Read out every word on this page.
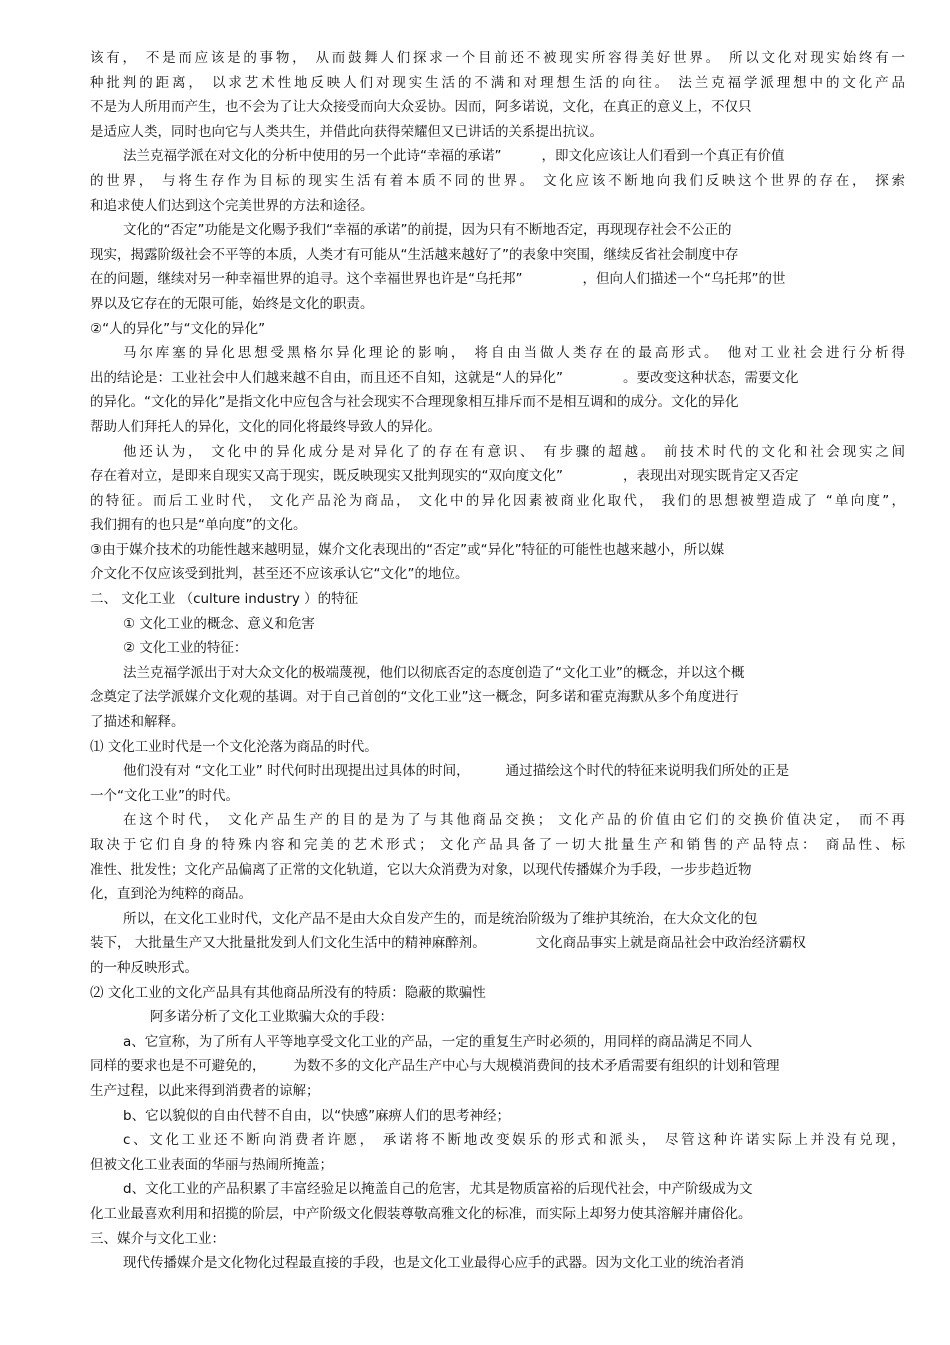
该有， 不是而应该是的事物， 从而鼓舞人们探求一个目前还不被现实所容得美好世界。 所以文化对现实始终有一
种批判的距离， 以求艺术性地反映人们对现实生活的不满和对理想生活的向往。 法兰克福学派理想中的文化产品
不是为人所用而产生，也不会为了让大众接受而向大众妥协。因而，阿多诺说，文化，在真正的意义上，不仅只
是适应人类，同时也向它与人类共生，并借此向获得荣耀但又已讲话的关系提出抗议。
法兰克福学派在对文化的分析中使用的另一个此诗“幸福的承诺”	，即文化应该让人们看到一个真正有价值
的世界， 与将生存作为目标的现实生活有着本质不同的世界。 文化应该不断地向我们反映这个世界的存在， 探索
和追求使人们达到这个完美世界的方法和途径。
文化的“否定”功能是文化赐予我们“幸福的承诺”的前提，因为只有不断地否定，再现现存社会不公正的
现实，揭露阶级社会不平等的本质，人类才有可能从“生活越来越好了”的表象中突围，继续反省社会制度中存
在的问题，继续对另一种幸福世界的追寻。这个幸福世界也许是“乌托邦”	，但向人们描述一个“乌托邦”的世
界以及它存在的无限可能，始终是文化的职责。
②“人的异化”与“文化的异化”
马尔库塞的异化思想受黑格尔异化理论的影响， 将自由当做人类存在的最高形式。 他对工业社会进行分析得
出的结论是：工业社会中人们越来越不自由，而且还不自知，这就是“人的异化”	。要改变这种状态，需要文化
的异化。“文化的异化”是指文化中应包含与社会现实不合理现象相互排斥而不是相互调和的成分。文化的异化
帮助人们拜托人的异化，文化的同化将最终导致人的异化。
他还认为， 文化中的异化成分是对异化了的存在有意识、 有步骤的超越。 前技术时代的文化和社会现实之间
存在着对立，是即来自现实又高于现实，既反映现实又批判现实的“双向度文化”	，表现出对现实既肯定又否定
的特征。而后工业时代， 文化产品沦为商品， 文化中的异化因素被商业化取代， 我们的思想被塑造成了 “单向度”，
我们拥有的也只是“单向度”的文化。
③由于媒介技术的功能性越来越明显，媒介文化表现出的“否定”或“异化”特征的可能性也越来越小，所以媒
介文化不仅应该受到批判，甚至还不应该承认它“文化”的地位。
二、 文化工业 （culture industry ）的特征
① 文化工业的概念、意义和危害
② 文化工业的特征：
法兰克福学派出于对大众文化的极端蔑视，他们以彻底否定的态度创造了“文化工业”的概念，并以这个概
念奠定了法学派媒介文化观的基调。对于自己首创的“文化工业”这一概念，阿多诺和霍克海默从多个角度进行
了描述和解释。
⑴ 文化工业时代是一个文化沦落为商品的时代。
他们没有对 “文化工业” 时代何时出现提出过具体的时间，	通过描绘这个时代的特征来说明我们所处的正是
一个“文化工业”的时代。
在这个时代， 文化产品生产的目的是为了与其他商品交换； 文化产品的价值由它们的交换价值决定， 而不再
取决于它们自身的特殊内容和完美的艺术形式； 文化产品具备了一切大批量生产和销售的产品特点： 商品性、标
准性、批发性；文化产品偏离了正常的文化轨道，它以大众消费为对象，以现代传播媒介为手段，一步步趋近物
化，直到沦为纯粹的商品。
所以，在文化工业时代，文化产品不是由大众自发产生的，而是统治阶级为了维护其统治，在大众文化的包
装下， 大批量生产又大批量批发到人们文化生活中的精神麻醉剂。	文化商品事实上就是商品社会中政治经济霸权
的一种反映形式。
⑵ 文化工业的文化产品具有其他商品所没有的特质：隐蔽的欺骗性
阿多诺分析了文化工业欺骗大众的手段：
a、它宣称，为了所有人平等地享受文化工业的产品，一定的重复生产时必须的，用同样的商品满足不同人
同样的要求也是不可避免的， 为数不多的文化产品生产中心与大规模消费间的技术矛盾需要有组织的计划和管理
生产过程，以此来得到消费者的谅解；
b、它以貌似的自由代替不自由，以“快感”麻痹人们的思考神经；
c、文化工业还不断向消费者许愿， 承诺将不断地改变娱乐的形式和派头， 尽管这种许诺实际上并没有兑现，
但被文化工业表面的华丽与热闹所掩盖；
d、文化工业的产品积累了丰富经验足以掩盖自己的危害，尤其是物质富裕的后现代社会，中产阶级成为文
化工业最喜欢利用和招揽的阶层，中产阶级文化假装尊敬高雅文化的标准，而实际上却努力使其溶解并庸俗化。
三、媒介与文化工业：
现代传播媒介是文化物化过程最直接的手段，也是文化工业最得心应手的武器。因为文化工业的统治者消
